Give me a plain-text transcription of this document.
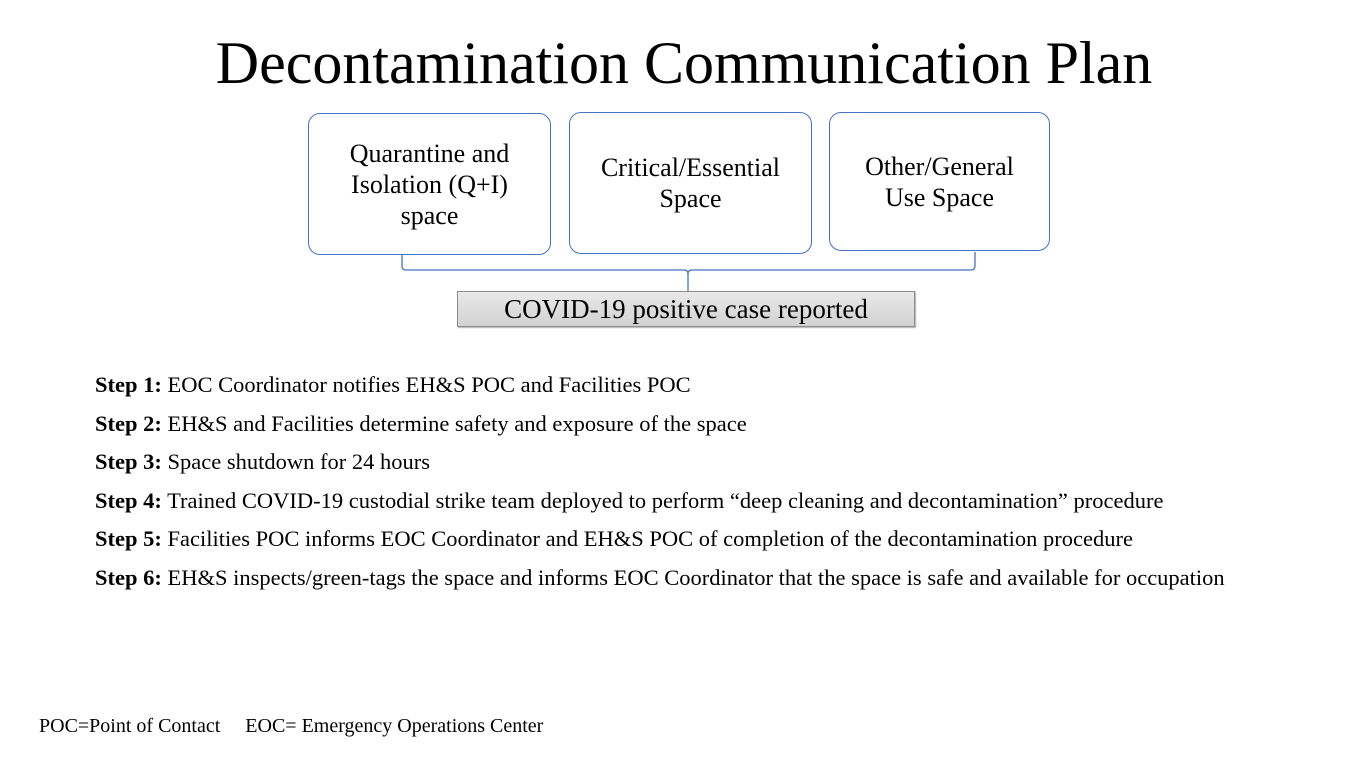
Decontamination Communication Plan
Quarantine and Isolation (Q+I) space
Critical/Essential Space
Other/General Use Space
COVID-19 positive case reported
Step 1: EOC Coordinator notifies EH&S POC and Facilities POC
Step 2: EH&S and Facilities determine safety and exposure of the space
Step 3: Space shutdown for 24 hours
Step 4: Trained COVID-19 custodial strike team deployed to perform “deep cleaning and decontamination” procedure
Step 5: Facilities POC informs EOC Coordinator and EH&S POC of completion of the decontamination procedure
Step 6: EH&S inspects/green-tags the space and informs EOC Coordinator that the space is safe and available for occupation
POC=Point of Contact EOC= Emergency Operations Center
